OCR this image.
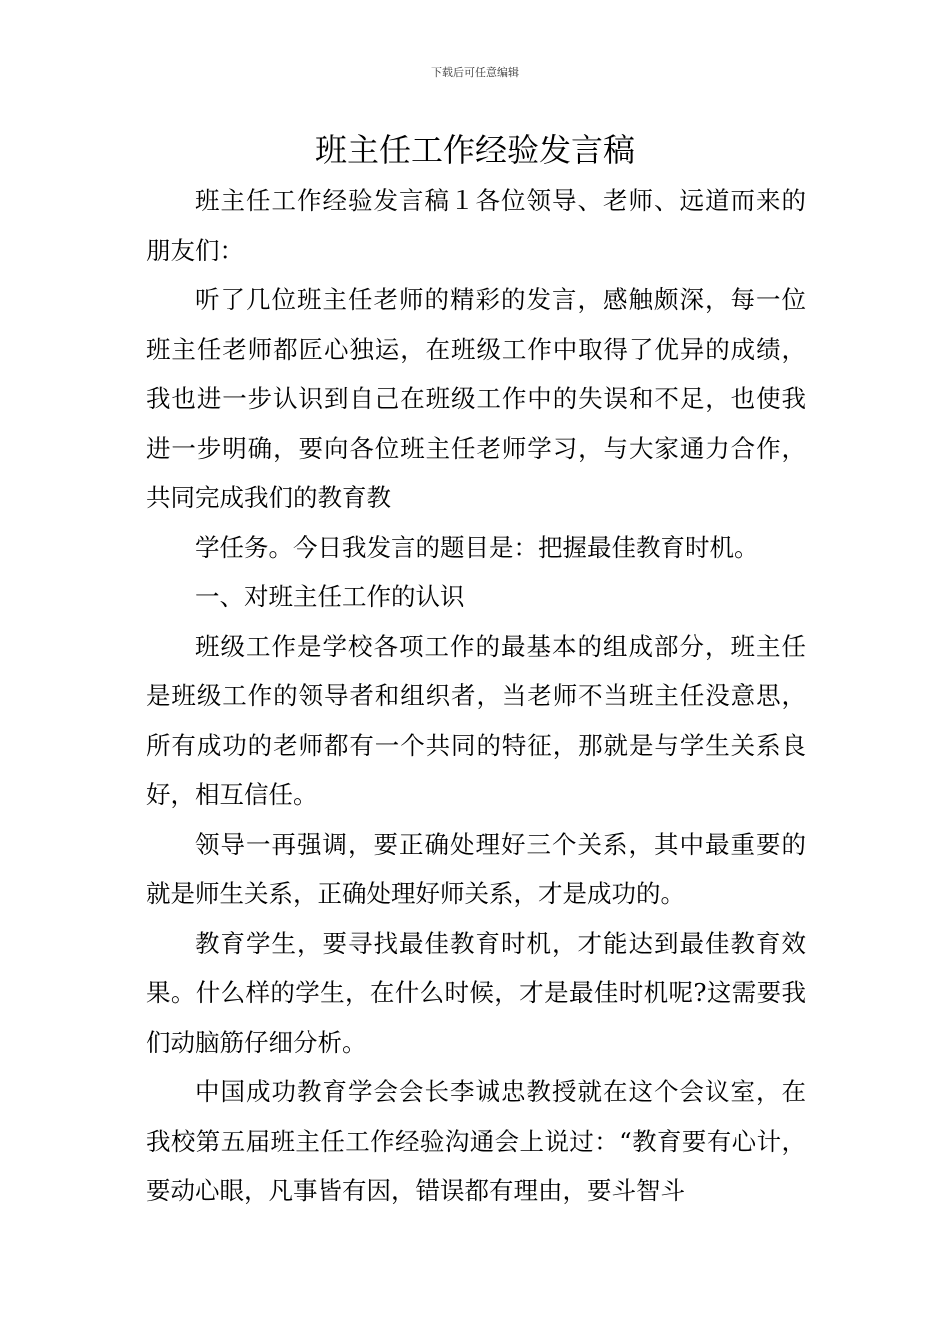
下载后可任意编辑
班主任工作经验发言稿

班主任工作经验发言稿１各位领导、老师、远道而来的朋友们：

听了几位班主任老师的精彩的发言，感触颇深，每一位班主任老师都匠心独运，在班级工作中取得了优异的成绩，我也进一步认识到自己在班级工作中的失误和不足，也使我进一步明确，要向各位班主任老师学习，与大家通力合作，共同完成我们的教育教

学任务。今日我发言的题目是：把握最佳教育时机。

一、对班主任工作的认识

班级工作是学校各项工作的最基本的组成部分，班主任是班级工作的领导者和组织者，当老师不当班主任没意思，所有成功的老师都有一个共同的特征，那就是与学生关系良好，相互信任。

领导一再强调，要正确处理好三个关系，其中最重要的就是师生关系，正确处理好师关系，才是成功的。

教育学生，要寻找最佳教育时机，才能达到最佳教育效果。什么样的学生，在什么时候，才是最佳时机呢?这需要我们动脑筋仔细分析。

中国成功教育学会会长李诚忠教授就在这个会议室，在我校第五届班主任工作经验沟通会上说过：“教育要有心计，要动心眼，凡事皆有因，错误都有理由，要斗智斗
